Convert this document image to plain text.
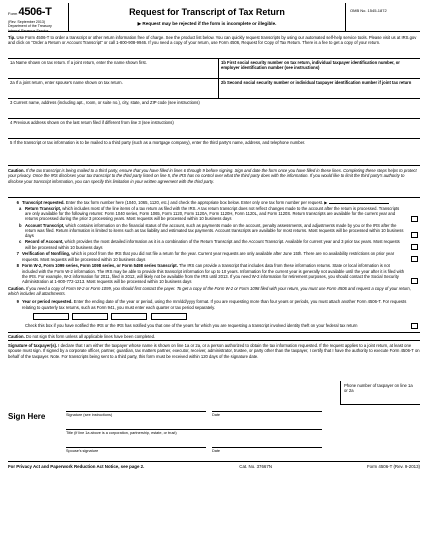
Form 4506-T
(Rev. September 2013)
Department of the Treasury
Internal Revenue Service
Request for Transcript of Tax Return
▶ Request may be rejected if the form is incomplete or illegible.
OMB No. 1545-1872
Tip. Use Form 4506-T to order a transcript or other return information free of charge. See the product list below. You can quickly request transcripts by using our automated self-help service tools. Please visit us at IRS.gov and click on "Order a Return or Account Transcript" or call 1-800-908-9946. If you need a copy of your return, use Form 4506, Request for Copy of Tax Return. There is a fee to get a copy of your return.
1a Name shown on tax return. If a joint return, enter the name shown first.	1b First social security number on tax return, individual taxpayer identification number, or employer identification number (see instructions)
2a If a joint return, enter spouse's name shown on tax return.	2b Second social security number or individual taxpayer identification number if joint tax return
3 Current name, address (including apt., room, or suite no.), city, state, and ZIP code (see instructions)
4 Previous address shown on the last return filed if different from line 3 (see instructions)
5 If the transcript or tax information is to be mailed to a third party (such as a mortgage company), enter the third party's name, address, and telephone number.
Caution. If the tax transcript is being mailed to a third party, ensure that you have filled in lines 6 through 9 before signing. Sign and date the form once you have filled in these lines. Completing these steps helps to protect your privacy. Once the IRS discloses your tax transcript to the third party listed on line 5, the IRS has no control over what the third party does with the information. If you would like to limit the third party's authority to disclose your transcript information, you can specify this limitation in your written agreement with the third party.
6 Transcript requested. Enter the tax form number here (1040, 1065, 1120, etc.) and check the appropriate box below. Enter only one tax form number per request. ▶
a Return Transcript, which includes most of the line items of a tax return as filed with the IRS. A tax return transcript does not reflect changes made to the account after the return is processed. Transcripts are only available for the following returns: Form 1040 series, Form 1065, Form 1120, Form 1120A, Form 1120H, Form 1120L, and Form 1120S. Return transcripts are available for the current year and returns processed during the prior 3 processing years. Most requests will be processed within 10 business days
b Account Transcript, which contains information on the financial status of the account, such as payments made on the account, penalty assessments, and adjustments made by you or the IRS after the return was filed. Return information is limited to items such as tax liability and estimated tax payments. Account transcripts are available for most returns. Most requests will be processed within 10 business days
c Record of Account, which provides the most detailed information as it is a combination of the Return Transcript and the Account Transcript. Available for current year and 3 prior tax years. Most requests will be processed within 10 business days
7 Verification of Nonfiling, which is proof from the IRS that you did not file a return for the year. Current year requests are only available after June 15th. There are no availability restrictions on prior year requests. Most requests will be processed within 10 business days
8 Form W-2, Form 1099 series, Form 1098 series, or Form 5498 series transcript. The IRS can provide a transcript that includes data from these information returns. State or local information is not included with the Form W-2 information. The IRS may be able to provide this transcript information for up to 10 years. Information for the current year is generally not available until the year after it is filed with the IRS. For example, W-2 information for 2011, filed in 2012, will likely not be available from the IRS until 2013. If you need W-2 information for retirement purposes, you should contact the Social Security Administration at 1-800-772-1213. Most requests will be processed within 10 business days
Caution. If you need a copy of Form W-2 or Form 1099, you should first contact the payer. To get a copy of the Form W-2 or Form 1098 filed with your return, you must use Form 4506 and request a copy of your return, which includes all attachments.
9 Year or period requested. Enter the ending date of the year or period, using the mm/dd/yyyy format. If you are requesting more than four years or periods, you must attach another Form 4506-T. For requests relating to quarterly tax returns, such as Form 941, you must enter each quarter or tax period separately.

Check this box if you have notified the IRS or the IRS has notified you that one of the years for which you are requesting a transcript involved identity theft on your federal tax return
Caution. Do not sign this form unless all applicable lines have been completed.
Signature of taxpayer(s). I declare that I am either the taxpayer whose name is shown on line 1a or 2a, or a person authorized to obtain the tax information requested. If the request applies to a joint return, at least one spouse must sign. If signed by a corporate officer, partner, guardian, tax matters partner, executor, receiver, administrator, trustee, or party other than the taxpayer, I certify that I have the authority to execute Form 4506-T on behalf of the taxpayer. Note. For transcripts being sent to a third party, this form must be received within 120 days of the signature date.
Phone number of taxpayer on line 1a or 2a
Sign Here	Signature (see instructions)	Date
Title (if line 1a above is a corporation, partnership, estate, or trust)
Spouse's signature	Date
For Privacy Act and Paperwork Reduction Act Notice, see page 2.	Cat. No. 37667N	Form 4506-T (Rev. 9-2013)
